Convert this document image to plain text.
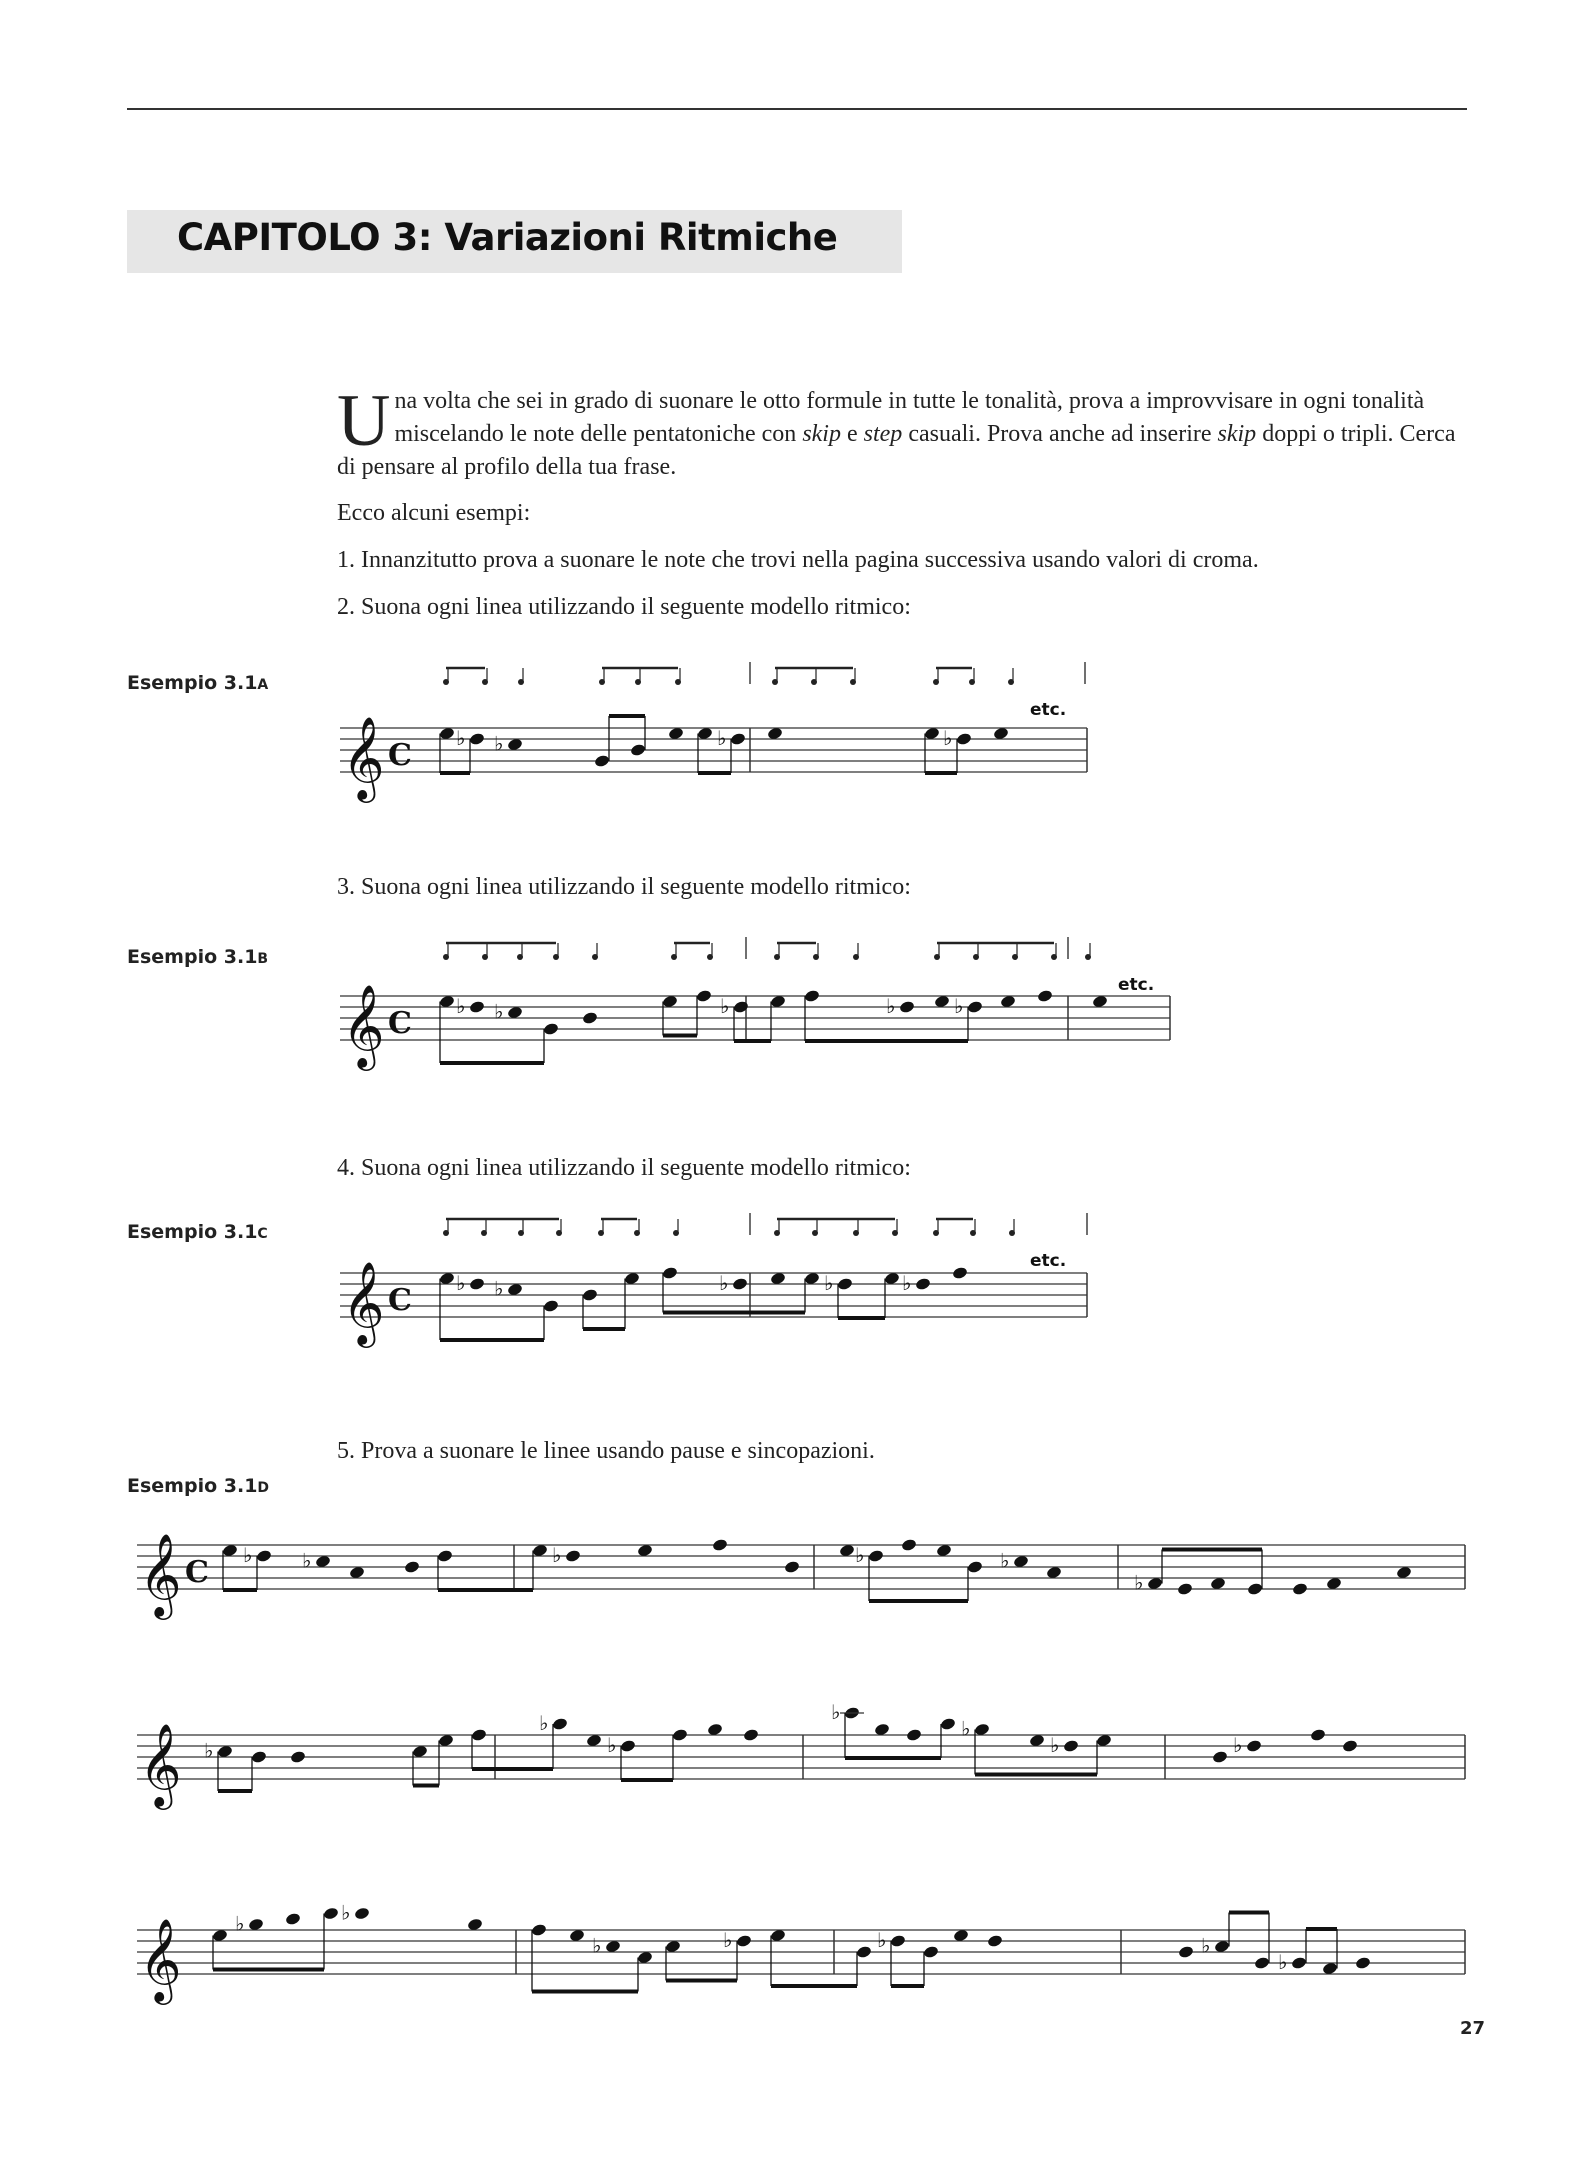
CAPITOLO 3: Variazioni Ritmiche
U na volta che sei in grado di suonare le otto formule in tutte le tonalità, prova a improvvisare in ogni tonalità miscelando le note delle pentatoniche con skip e step casuali. Prova anche ad inserire skip doppi o tripli. Cerca di pensare al profilo della tua frase.
Ecco alcuni esempi:
1. Innanzitutto prova a suonare le note che trovi nella pagina successiva usando valori di croma.
2. Suona ogni linea utilizzando il seguente modello ritmico:
3. Suona ogni linea utilizzando il seguente modello ritmico:
4. Suona ogni linea utilizzando il seguente modello ritmico:
5. Prova a suonare le linee usando pause e sincopazioni.
Esempio 3.1A
Esempio 3.1B
Esempio 3.1C
Esempio 3.1D
𝄞 C
𝄞 C
𝄞 C
𝄞 C
𝄞
𝄞
♭ ♭	♭	♭
♭ ♭	♭	♭	♭
♭ ♭	♭	♭	♭
♭ ♭	♭	♭	♭
♭
♭
♭
♭
♭
♭
♭	♭
♭	♭
♭	♭	♭	♭
♭
etc.
etc.
etc.
27
